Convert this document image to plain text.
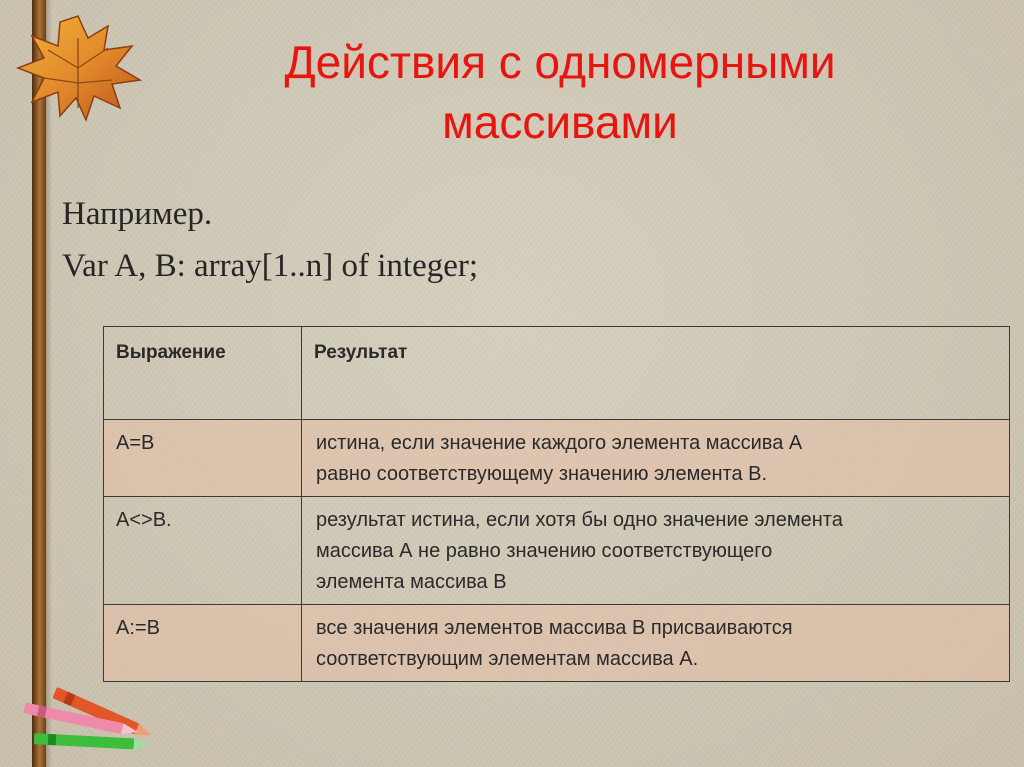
Действия с одномерными
массивами
Например.
Var A, B: array[1..n] of integer;
Выражение	Результат
A=B	истина, если значение каждого элемента массива А
равно соответствующему значению элемента В.

A<>B.	результат истина, если хотя бы одно значение элемента
массива А не равно значению соответствующего
элемента массива В

A:=B	все значения элементов массива В присваиваются
соответствующим элементам массива А.
